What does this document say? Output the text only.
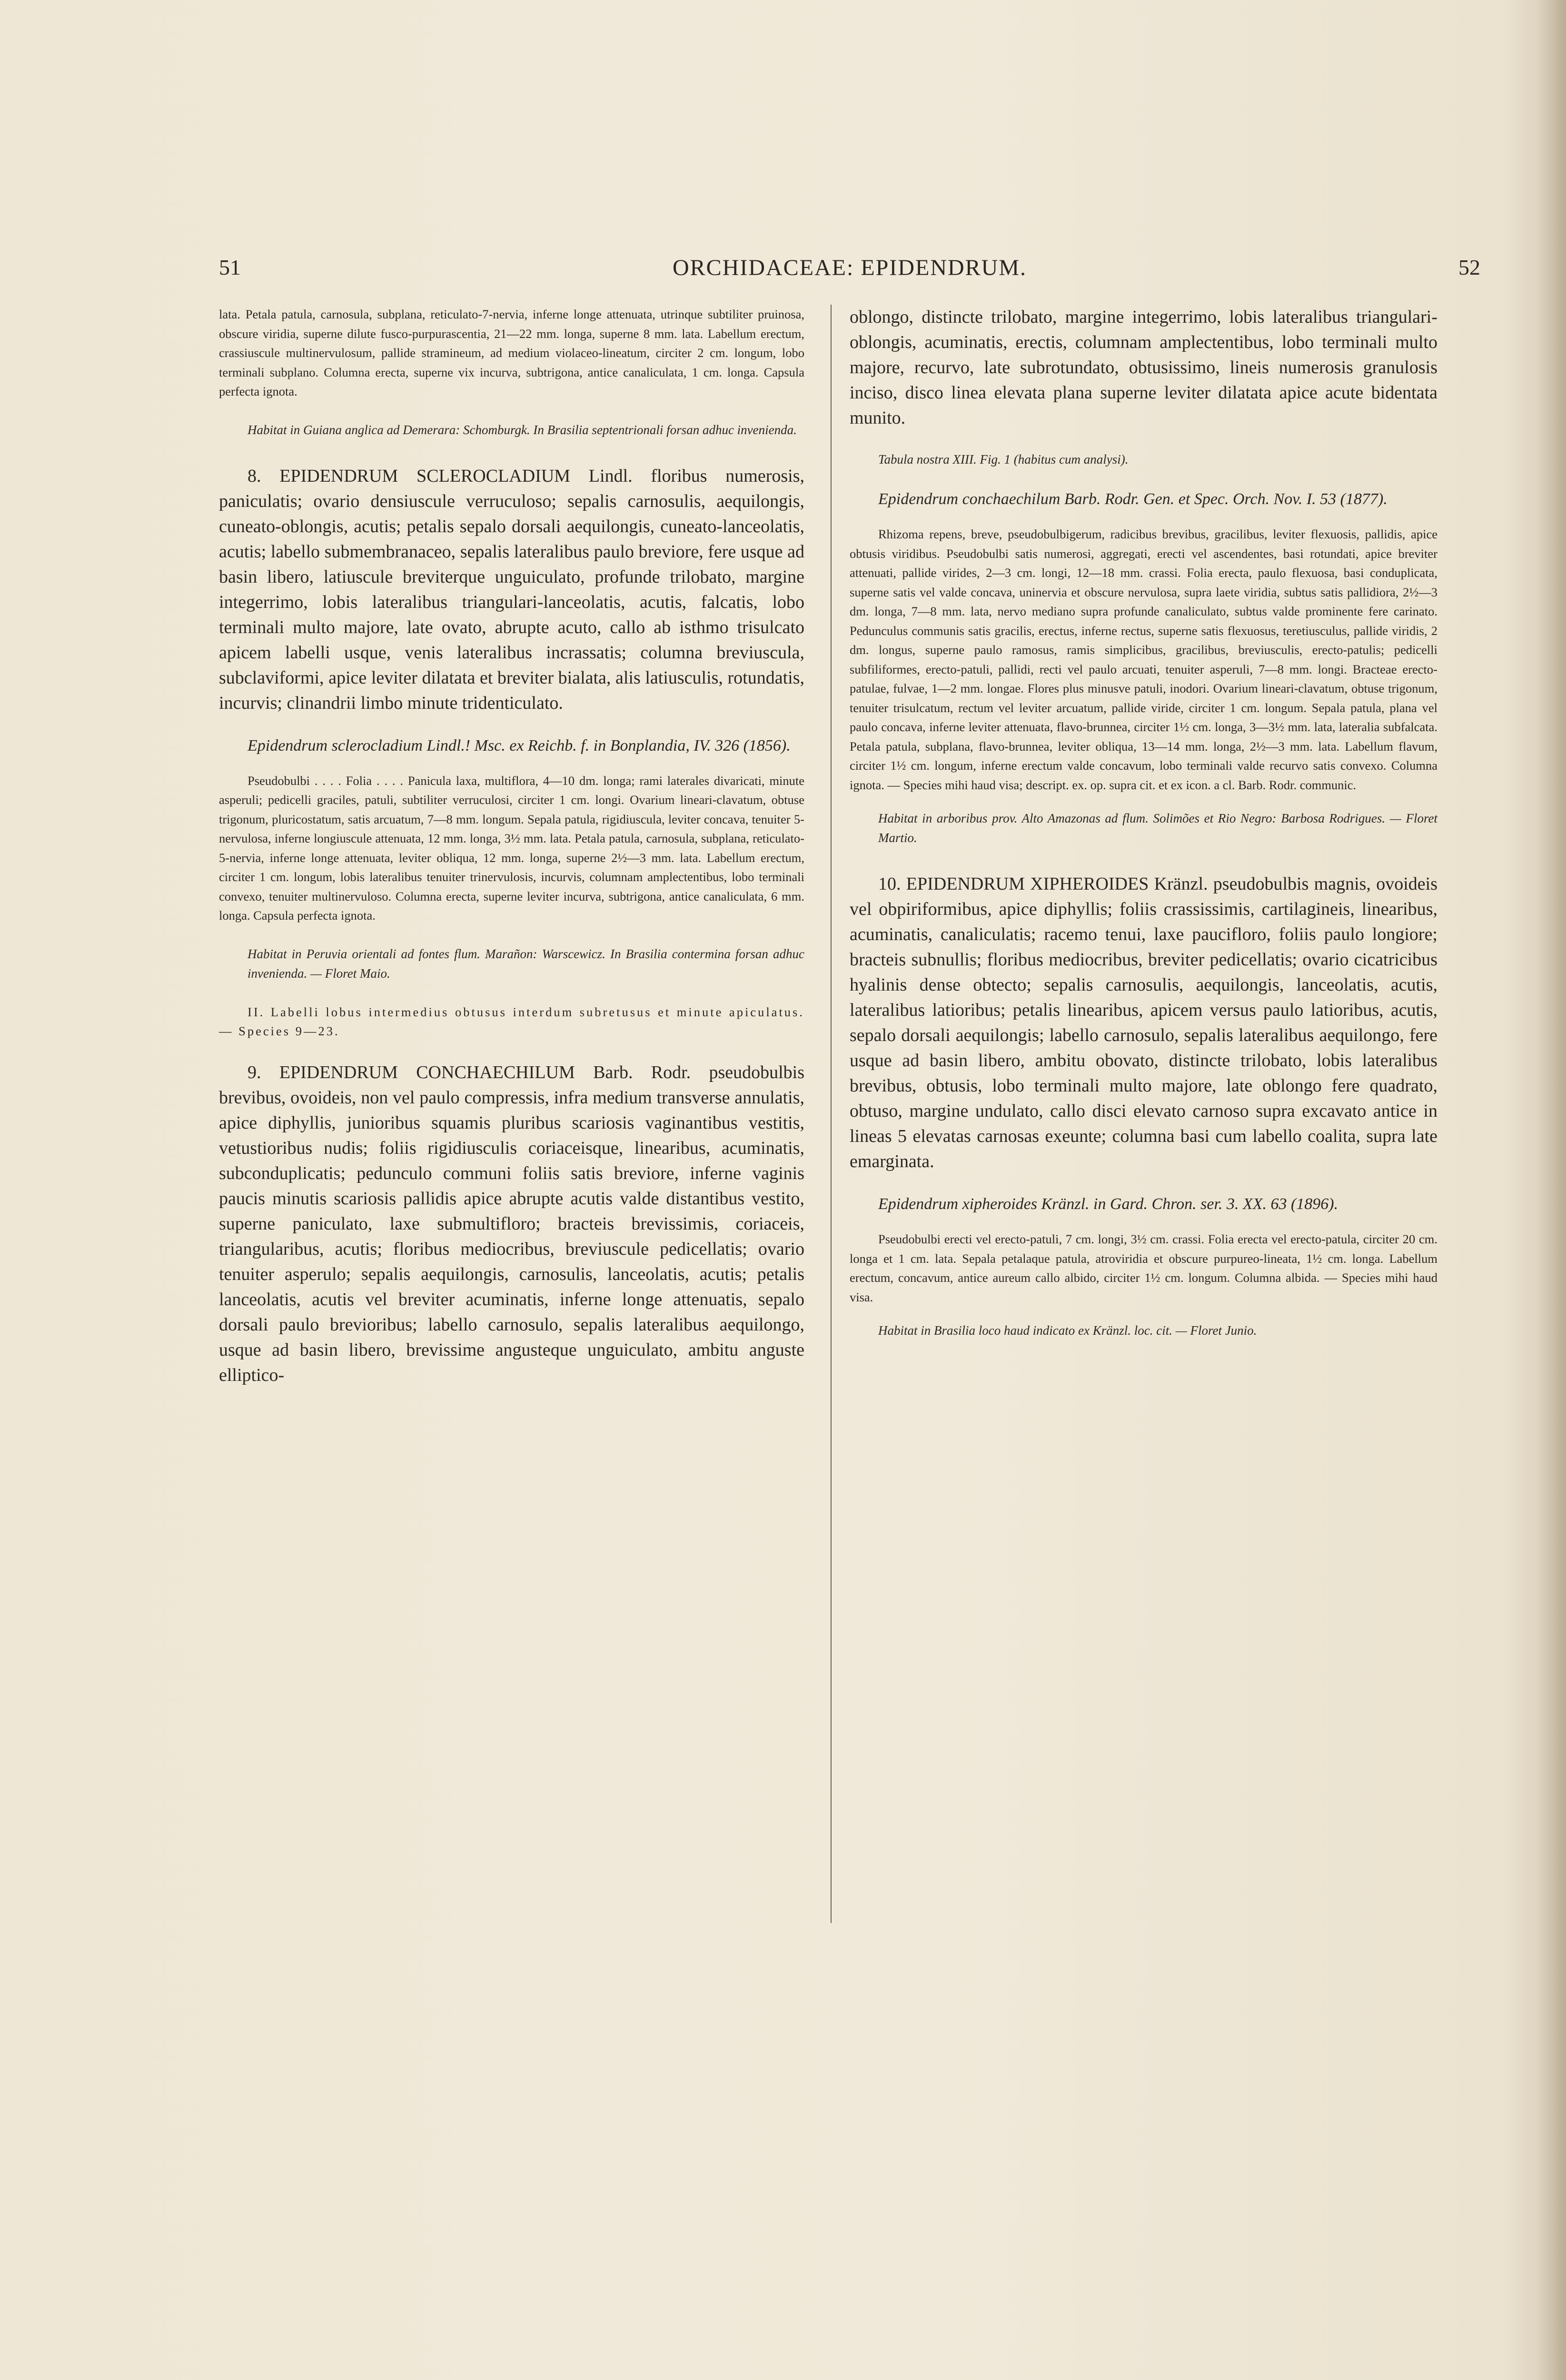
51	ORCHIDACEAE: EPIDENDRUM.	52

lata. Petala patula, carnosula, subplana, reticulato-7-nervia, inferne longe attenuata, utrinque subtiliter pruinosa, obscure viridia, superne dilute fusco-purpurascentia, 21—22 mm. longa, superne 8 mm. lata. Labellum erectum, crassiuscule multinervulosum, pallide stramineum, ad medium violaceo-lineatum, circiter 2 cm. longum, lobo terminali subplano. Columna erecta, superne vix incurva, subtrigona, antice canaliculata, 1 cm. longa. Capsula perfecta ignota.

Habitat in Guiana anglica ad Demerara: Schomburgk. In Brasilia septentrionali forsan adhuc invenienda.

8. EPIDENDRUM SCLEROCLADIUM Lindl. floribus numerosis, paniculatis; ovario densiuscule verruculoso; sepalis carnosulis, aequilongis, cuneato-oblongis, acutis; petalis sepalo dorsali aequilongis, cuneato-lanceolatis, acutis; labello submembranaceo, sepalis lateralibus paulo breviore, fere usque ad basin libero, latiuscule breviterque unguiculato, profunde trilobato, margine integerrimo, lobis lateralibus triangulari-lanceolatis, acutis, falcatis, lobo terminali multo majore, late ovato, abrupte acuto, callo ab isthmo trisulcato apicem labelli usque, venis lateralibus incrassatis; columna breviuscula, subclaviformi, apice leviter dilatata et breviter bialata, alis latiusculis, rotundatis, incurvis; clinandrii limbo minute tridenticulato.

Epidendrum sclerocladium Lindl.! Msc. ex Reichb. f. in Bonplandia, IV. 326 (1856).

Pseudobulbi . . . . Folia . . . . Panicula laxa, multiflora, 4—10 dm. longa; rami laterales divaricati, minute asperuli; pedicelli graciles, patuli, subtiliter verruculosi, circiter 1 cm. longi. Ovarium lineari-clavatum, obtuse trigonum, pluricostatum, satis arcuatum, 7—8 mm. longum. Sepala patula, rigidiuscula, leviter concava, tenuiter 5-nervulosa, inferne longiuscule attenuata, 12 mm. longa, 3½ mm. lata. Petala patula, carnosula, subplana, reticulato-5-nervia, inferne longe attenuata, leviter obliqua, 12 mm. longa, superne 2½—3 mm. lata. Labellum erectum, circiter 1 cm. longum, lobis lateralibus tenuiter trinervulosis, incurvis, columnam amplectentibus, lobo terminali convexo, tenuiter multinervuloso. Columna erecta, superne leviter incurva, subtrigona, antice canaliculata, 6 mm. longa. Capsula perfecta ignota.

Habitat in Peruvia orientali ad fontes flum. Marañon: Warscewicz. In Brasilia contermina forsan adhuc invenienda. — Floret Maio.

II. Labelli lobus intermedius obtusus interdum subretusus et minute apiculatus. — Species 9—23.

9. EPIDENDRUM CONCHAECHILUM Barb. Rodr. pseudobulbis brevibus, ovoideis, non vel paulo compressis, infra medium transverse annulatis, apice diphyllis, junioribus squamis pluribus scariosis vaginantibus vestitis, vetustioribus nudis; foliis rigidiusculis coriaceisque, linearibus, acuminatis, subconduplicatis; pedunculo communi foliis satis breviore, inferne vaginis paucis minutis scariosis pallidis apice abrupte acutis valde distantibus vestito, superne paniculato, laxe submultifloro; bracteis brevissimis, coriaceis, triangularibus, acutis; floribus mediocribus, breviuscule pedicellatis; ovario tenuiter asperulo; sepalis aequilongis, carnosulis, lanceolatis, acutis; petalis lanceolatis, acutis vel breviter acuminatis, inferne longe attenuatis, sepalo dorsali paulo brevioribus; labello carnosulo, sepalis lateralibus aequilongo, usque ad basin libero, brevissime angusteque unguiculato, ambitu anguste elliptico-

oblongo, distincte trilobato, margine integerrimo, lobis lateralibus triangulari-oblongis, acuminatis, erectis, columnam amplectentibus, lobo terminali multo majore, recurvo, late subrotundato, obtusissimo, lineis numerosis granulosis inciso, disco linea elevata plana superne leviter dilatata apice acute bidentata munito.

Tabula nostra XIII. Fig. 1 (habitus cum analysi).

Epidendrum conchaechilum Barb. Rodr. Gen. et Spec. Orch. Nov. I. 53 (1877).

Rhizoma repens, breve, pseudobulbigerum, radicibus brevibus, gracilibus, leviter flexuosis, pallidis, apice obtusis viridibus. Pseudobulbi satis numerosi, aggregati, erecti vel ascendentes, basi rotundati, apice breviter attenuati, pallide virides, 2—3 cm. longi, 12—18 mm. crassi. Folia erecta, paulo flexuosa, basi conduplicata, superne satis vel valde concava, uninervia et obscure nervulosa, supra laete viridia, subtus satis pallidiora, 2½—3 dm. longa, 7—8 mm. lata, nervo mediano supra profunde canaliculato, subtus valde prominente fere carinato. Pedunculus communis satis gracilis, erectus, inferne rectus, superne satis flexuosus, teretiusculus, pallide viridis, 2 dm. longus, superne paulo ramosus, ramis simplicibus, gracilibus, breviusculis, erecto-patulis; pedicelli subfiliformes, erecto-patuli, pallidi, recti vel paulo arcuati, tenuiter asperuli, 7—8 mm. longi. Bracteae erecto-patulae, fulvae, 1—2 mm. longae. Flores plus minusve patuli, inodori. Ovarium lineari-clavatum, obtuse trigonum, tenuiter trisulcatum, rectum vel leviter arcuatum, pallide viride, circiter 1 cm. longum. Sepala patula, plana vel paulo concava, inferne leviter attenuata, flavo-brunnea, circiter 1½ cm. longa, 3—3½ mm. lata, lateralia subfalcata. Petala patula, subplana, flavo-brunnea, leviter obliqua, 13—14 mm. longa, 2½—3 mm. lata. Labellum flavum, circiter 1½ cm. longum, inferne erectum valde concavum, lobo terminali valde recurvo satis convexo. Columna ignota. — Species mihi haud visa; descript. ex. op. supra cit. et ex icon. a cl. Barb. Rodr. communic.

Habitat in arboribus prov. Alto Amazonas ad flum. Solimões et Rio Negro: Barbosa Rodrigues. — Floret Martio.

10. EPIDENDRUM XIPHEROIDES Kränzl. pseudobulbis magnis, ovoideis vel obpiriformibus, apice diphyllis; foliis crassissimis, cartilagineis, linearibus, acuminatis, canaliculatis; racemo tenui, laxe paucifloro, foliis paulo longiore; bracteis subnullis; floribus mediocribus, breviter pedicellatis; ovario cicatricibus hyalinis dense obtecto; sepalis carnosulis, aequilongis, lanceolatis, acutis, lateralibus latioribus; petalis linearibus, apicem versus paulo latioribus, acutis, sepalo dorsali aequilongis; labello carnosulo, sepalis lateralibus aequilongo, fere usque ad basin libero, ambitu obovato, distincte trilobato, lobis lateralibus brevibus, obtusis, lobo terminali multo majore, late oblongo fere quadrato, obtuso, margine undulato, callo disci elevato carnoso supra excavato antice in lineas 5 elevatas carnosas exeunte; columna basi cum labello coalita, supra late emarginata.

Epidendrum xipheroides Kränzl. in Gard. Chron. ser. 3. XX. 63 (1896).

Pseudobulbi erecti vel erecto-patuli, 7 cm. longi, 3½ cm. crassi. Folia erecta vel erecto-patula, circiter 20 cm. longa et 1 cm. lata. Sepala petalaque patula, atroviridia et obscure purpureo-lineata, 1½ cm. longa. Labellum erectum, concavum, antice aureum callo albido, circiter 1½ cm. longum. Columna albida. — Species mihi haud visa.

Habitat in Brasilia loco haud indicato ex Kränzl. loc. cit. — Floret Junio.
